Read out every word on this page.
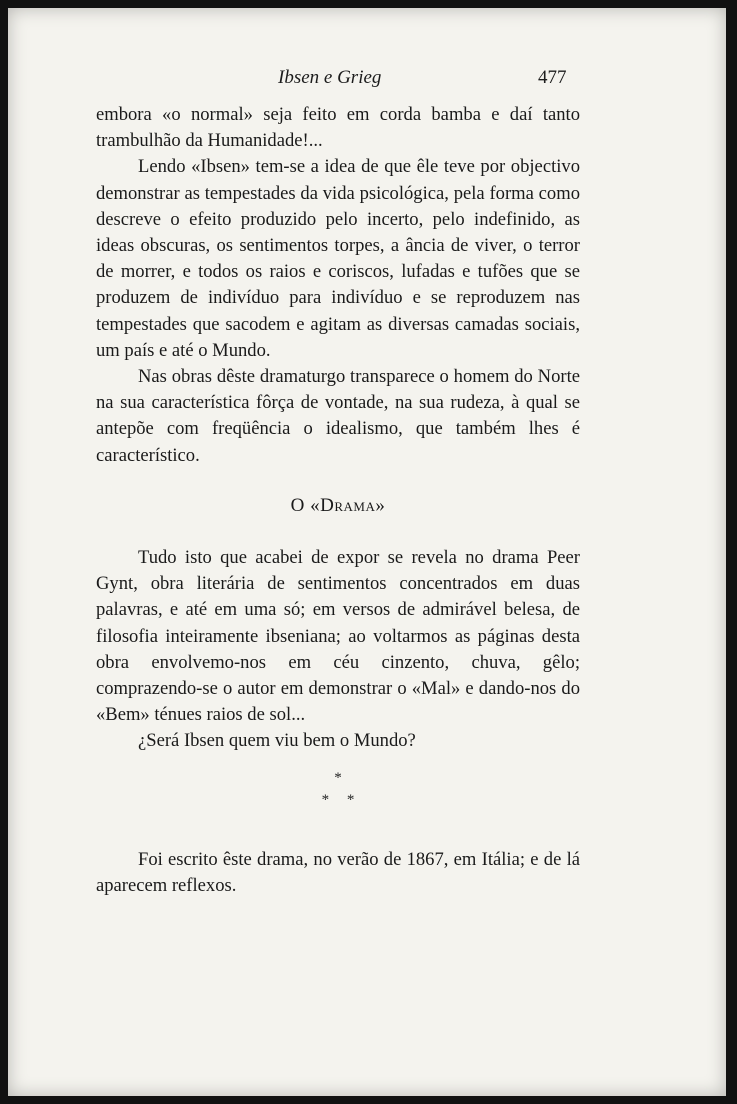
Ibsen e Grieg	477

embora «o normal» seja feito em corda bamba e daí tanto trambulhão da Humanidade!...

Lendo «Ibsen» tem-se a idea de que êle teve por objectivo demonstrar as tempestades da vida psicológica, pela forma como descreve o efeito produzido pelo incerto, pelo indefinido, as ideas obscuras, os sentimentos torpes, a ância de viver, o terror de morrer, e todos os raios e coriscos, lufadas e tufões que se produzem de indivíduo para indivíduo e se reproduzem nas tempestades que sacodem e agitam as diversas camadas sociais, um país e até o Mundo.

Nas obras dêste dramaturgo transparece o homem do Norte na sua característica fôrça de vontade, na sua rudeza, à qual se antepõe com freqüência o idealismo, que também lhes é característico.

O «Drama»

Tudo isto que acabei de expor se revela no drama Peer Gynt, obra literária de sentimentos concentrados em duas palavras, e até em uma só; em versos de admirável belesa, de filosofia inteiramente ibseniana; ao voltarmos as páginas desta obra envolvemo-nos em céu cinzento, chuva, gêlo; comprazendo-se o autor em demonstrar o «Mal» e dando-nos do «Bem» ténues raios de sol...

¿Será Ibsen quem viu bem o Mundo?

*
* *

Foi escrito êste drama, no verão de 1867, em Itália; e de lá aparecem reflexos.
